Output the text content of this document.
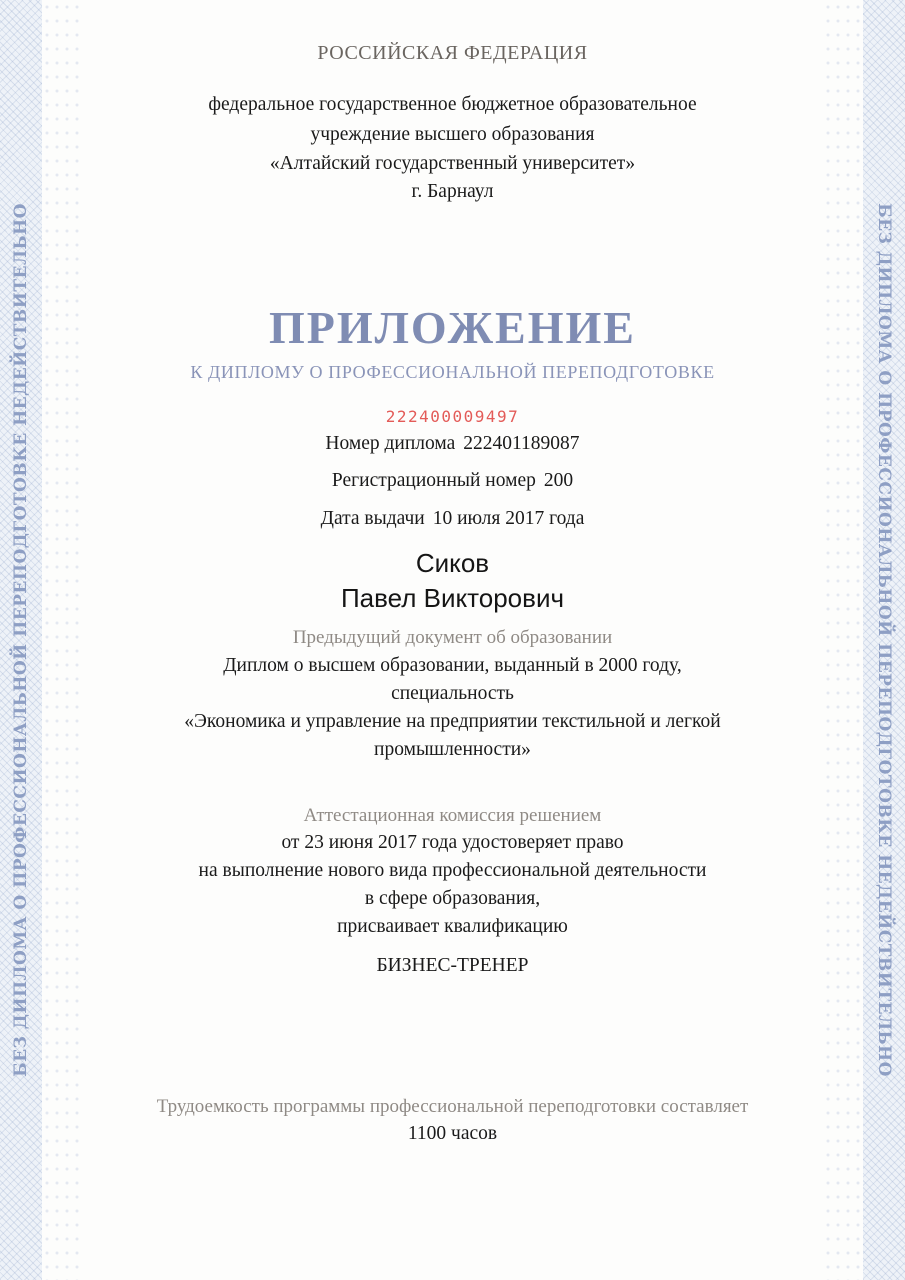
БЕЗ ДИПЛОМА О ПРОФЕССИОНАЛЬНОЙ ПЕРЕПОДГОТОВКЕ НЕДЕЙСТВИТЕЛЬНО	БЕЗ ДИПЛОМА О ПРОФЕССИОНАЛЬНОЙ ПЕРЕПОДГОТОВКЕ НЕДЕЙСТВИТЕЛЬНО
РОССИЙСКАЯ ФЕДЕРАЦИЯ
федеральное государственное бюджетное образовательное
учреждение высшего образования
«Алтайский государственный университет»
г. Барнаул
ПРИЛОЖЕНИЕ
К ДИПЛОМУ О ПРОФЕССИОНАЛЬНОЙ ПЕРЕПОДГОТОВКЕ
222400009497
Номер диплома 222401189087
Регистрационный номер 200
Дата выдачи 10 июля 2017 года
Сиков
Павел Викторович
Предыдущий документ об образовании
Диплом о высшем образовании, выданный в 2000 году,
специальность
«Экономика и управление на предприятии текстильной и легкой
промышленности»
Аттестационная комиссия решением
от 23 июня 2017 года удостоверяет право
на выполнение нового вида профессиональной деятельности
в сфере образования,
присваивает квалификацию
БИЗНЕС-ТРЕНЕР
Трудоемкость программы профессиональной переподготовки составляет
1100 часов
